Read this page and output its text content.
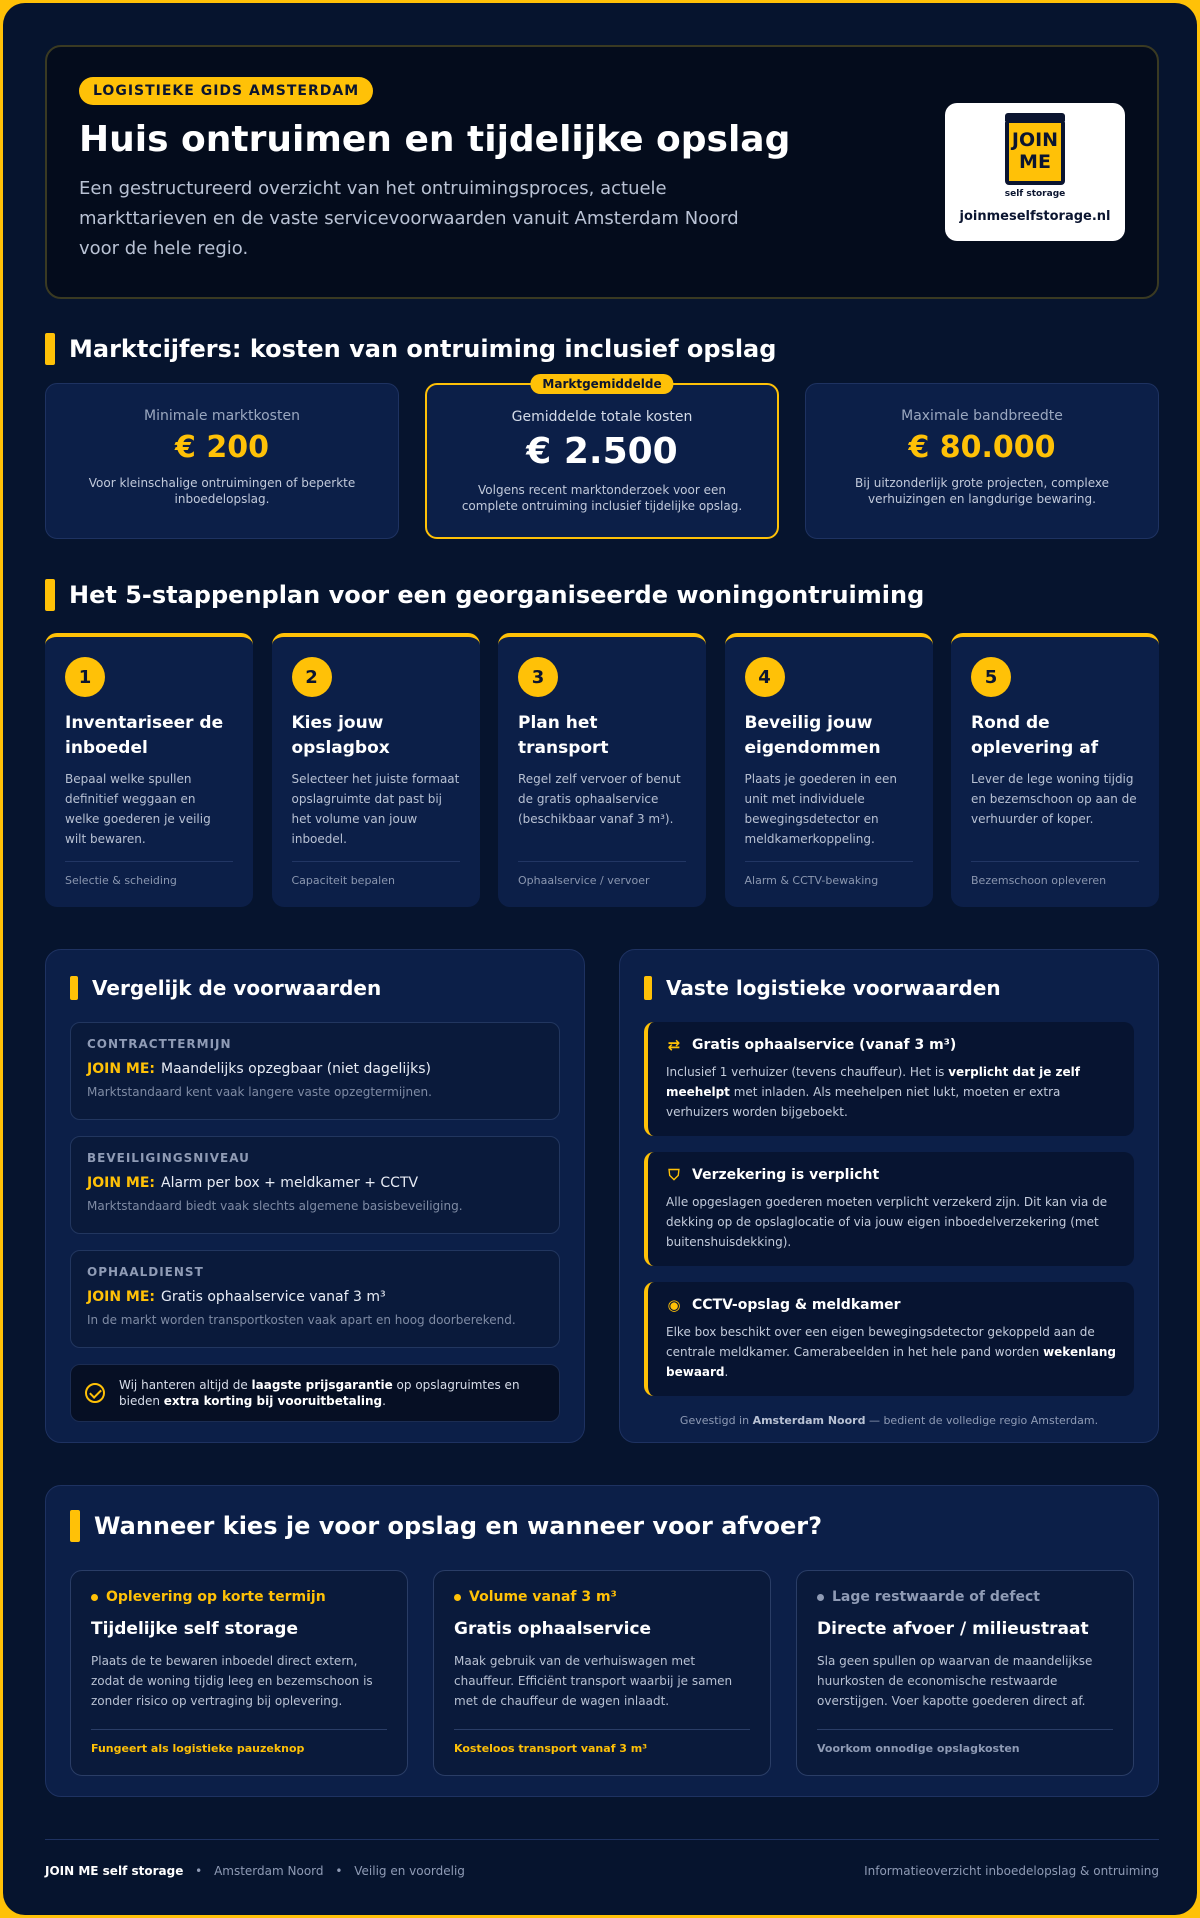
LOGISTIEKE GIDS AMSTERDAM
Huis ontruimen en tijdelijke opslag

Een gestructureerd overzicht van het ontruimingsproces, actuele markttarieven en de vaste servicevoorwaarden vanuit Amsterdam Noord voor de hele regio.

JOIN
ME
self storage
joinmeselfstorage.nl
Marktcijfers: kosten van ontruiming inclusief opslag
Minimale marktkosten
€ 200
Voor kleinschalige ontruimingen of beperkte inboedelopslag.
Marktgemiddelde
Gemiddelde totale kosten
€ 2.500
Volgens recent marktonderzoek voor een complete ontruiming inclusief tijdelijke opslag.
Maximale bandbreedte
€ 80.000
Bij uitzonderlijk grote projecten, complexe verhuizingen en langdurige bewaring.
Het 5-stappenplan voor een georganiseerde woningontruiming
1
Inventariseer de inboedel

Bepaal welke spullen definitief weggaan en welke goederen je veilig wilt bewaren.

Selectie & scheiding
2
Kies jouw opslagbox

Selecteer het juiste formaat opslagruimte dat past bij het volume van jouw inboedel.

Capaciteit bepalen
3
Plan het transport

Regel zelf vervoer of benut de gratis ophaalservice (beschikbaar vanaf 3 m³).

Ophaalservice / vervoer
4
Beveilig jouw eigendommen

Plaats je goederen in een unit met individuele bewegingsdetector en meldkamerkoppeling.

Alarm & CCTV-bewaking
5
Rond de oplevering af

Lever de lege woning tijdig en bezemschoon op aan de verhuurder of koper.

Bezemschoon opleveren
Vergelijk de voorwaarden
CONTRACTTERMIJN
JOIN ME: Maandelijks opzegbaar (niet dagelijks)
Marktstandaard kent vaak langere vaste opzegtermijnen.
BEVEILIGINGSNIVEAU
JOIN ME: Alarm per box + meldkamer + CCTV
Marktstandaard biedt vaak slechts algemene basisbeveiliging.
OPHAALDIENST
JOIN ME: Gratis ophaalservice vanaf 3 m³
In de markt worden transportkosten vaak apart en hoog doorberekend.
Wij hanteren altijd de laagste prijsgarantie op opslagruimtes en bieden extra korting bij vooruitbetaling.
Vaste logistieke voorwaarden
⇄ Gratis ophaalservice (vanaf 3 m³)

Inclusief 1 verhuizer (tevens chauffeur). Het is verplicht dat je zelf meehelpt met inladen. Als meehelpen niet lukt, moeten er extra verhuizers worden bijgeboekt.

⛉ Verzekering is verplicht

Alle opgeslagen goederen moeten verplicht verzekerd zijn. Dit kan via de dekking op de opslaglocatie of via jouw eigen inboedelverzekering (met buitenshuisdekking).

◉ CCTV-opslag & meldkamer

Elke box beschikt over een eigen bewegingsdetector gekoppeld aan de centrale meldkamer. Camerabeelden in het hele pand worden wekenlang bewaard.

Gevestigd in Amsterdam Noord — bedient de volledige regio Amsterdam.
Wanneer kies je voor opslag en wanneer voor afvoer?
Oplevering op korte termijn
Tijdelijke self storage

Plaats de te bewaren inboedel direct extern, zodat de woning tijdig leeg en bezemschoon is zonder risico op vertraging bij oplevering.

Fungeert als logistieke pauzeknop
Volume vanaf 3 m³
Gratis ophaalservice

Maak gebruik van de verhuiswagen met chauffeur. Efficiënt transport waarbij je samen met de chauffeur de wagen inlaadt.

Kosteloos transport vanaf 3 m³
Lage restwaarde of defect
Directe afvoer / milieustraat

Sla geen spullen op waarvan de maandelijkse huurkosten de economische restwaarde overstijgen. Voer kapotte goederen direct af.

Voorkom onnodige opslagkosten
JOIN ME self storage • Amsterdam Noord • Veilig en voordelig	Informatieoverzicht inboedelopslag & ontruiming
